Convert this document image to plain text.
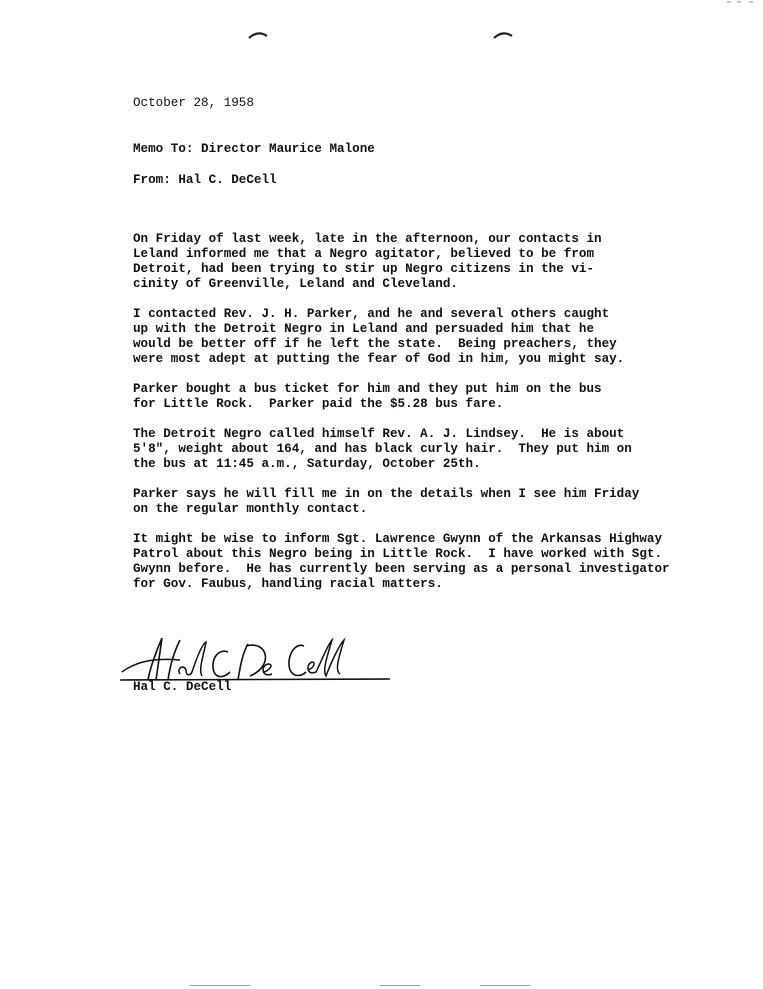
October 28, 1958
Memo To: Director Maurice Malone
From: Hal C. DeCell
On Friday of last week, late in the afternoon, our contacts in
Leland informed me that a Negro agitator, believed to be from
Detroit, had been trying to stir up Negro citizens in the vi-
cinity of Greenville, Leland and Cleveland.
I contacted Rev. J. H. Parker, and he and several others caught
up with the Detroit Negro in Leland and persuaded him that he
would be better off if he left the state.  Being preachers, they
were most adept at putting the fear of God in him, you might say.
Parker bought a bus ticket for him and they put him on the bus
for Little Rock.  Parker paid the $5.28 bus fare.
The Detroit Negro called himself Rev. A. J. Lindsey.  He is about
5'8", weight about 164, and has black curly hair.  They put him on
the bus at 11:45 a.m., Saturday, October 25th.
Parker says he will fill me in on the details when I see him Friday
on the regular monthly contact.
It might be wise to inform Sgt. Lawrence Gwynn of the Arkansas Highway
Patrol about this Negro being in Little Rock.  I have worked with Sgt.
Gwynn before.  He has currently been serving as a personal investigator
for Gov. Faubus, handling racial matters.
Hal C. DeCell
